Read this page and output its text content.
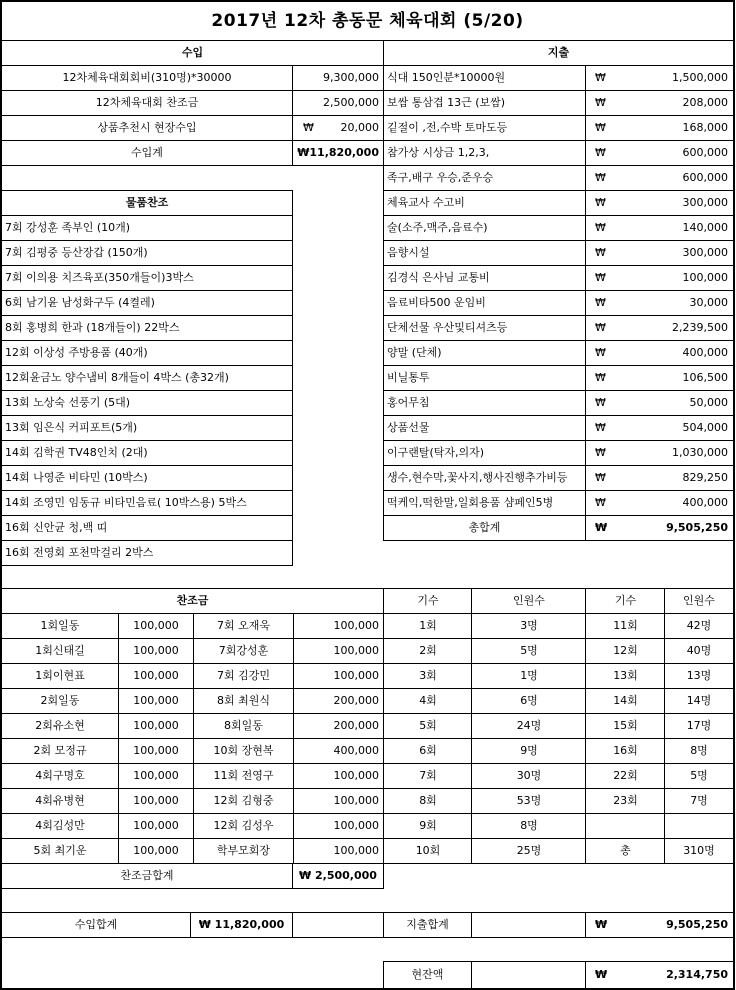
2017년 12차 총동문 체육대회 (5/20)
수입	지출
12차체육대회회비(310명)*30000	9,300,000
12차체육대회 찬조금	2,500,000
상품추천시 현장수입	₩	20,000
수입계	₩11,820,000
물품찬조
7회 강성훈 족부인 (10개)
7회 김평중 등산장갑 (150개)
7회 이의용 치즈육포(350개들이)3박스
6회 남기윤 남성화구두 (4켤레)
8회 홍병희 한과 (18개들이) 22박스
12회 이상성 주방용품 (40개)
12회윤금노 양수냄비 8개들이 4박스 (총32개)
13회 노상숙 선풍기 (5대)
13회 임은식 커피포트(5개)
14회 김학권 TV48인치 (2대)
14회 나영준 비타민 (10박스)
14회 조영민 임동규 비타민음료( 10박스용) 5박스
16회 신안균 청,백 띠
16회 전영회 포천막걸리 2박스
식대 150인분*10000원	₩	1,500,000
보쌈 통삼겹 13근 (보쌈)	₩	208,000
깉절이 ,전,수박 토마도등	₩	168,000
참가상 시상금 1,2,3,	₩	600,000
족구,배구 우승,준우승	₩	600,000
체육교사 수고비	₩	300,000
술(소주,맥주,음료수)	₩	140,000
음향시설	₩	300,000
김경식 은사님 교통비	₩	100,000
음료비타500 운임비	₩	30,000
단체선물 우산및티셔츠등	₩	2,239,500
양말 (단체)	₩	400,000
비닐통투	₩	106,500
홍어무침	₩	50,000
상품선물	₩	504,000
이구랜탈(탁자,의자)	₩	1,030,000
생수,현수막,꽃사지,행사진행추가비등	₩	829,250
떡케익,떡한말,일회용품 샴페인5병	₩	400,000
총합계	₩	9,505,250
찬조금
1회일동	100,000	7회 오재욱	100,000
1회신태길	100,000	7회강성훈	100,000
1회이현표	100,000	7회 김강민	100,000
2회일동	100,000	8회 최원식	200,000
2회유소현	100,000	8회일동	200,000
2회 모정규	100,000	10회 장현복	400,000
4회구명호	100,000	11회 전영구	100,000
4회유병현	100,000	12회 김형중	100,000
4회김성만	100,000	12회 김성우	100,000
5회 최기운	100,000	학부모회장	100,000
찬조금합계	₩ 2,500,000
기수	인원수	기수	인원수
1회	3명	11회	42명
2회	5명	12회	40명
3회	1명	13회	13명
4회	6명	14회	14명
5회	24명	15회	17명
6회	9명	16회	8명
7회	30명	22회	5명
8회	53명	23회	7명
9회	8명
10회	25명	총	310명
수입합계	₩ 11,820,000	지출합계	₩	9,505,250
현잔액	₩	2,314,750
